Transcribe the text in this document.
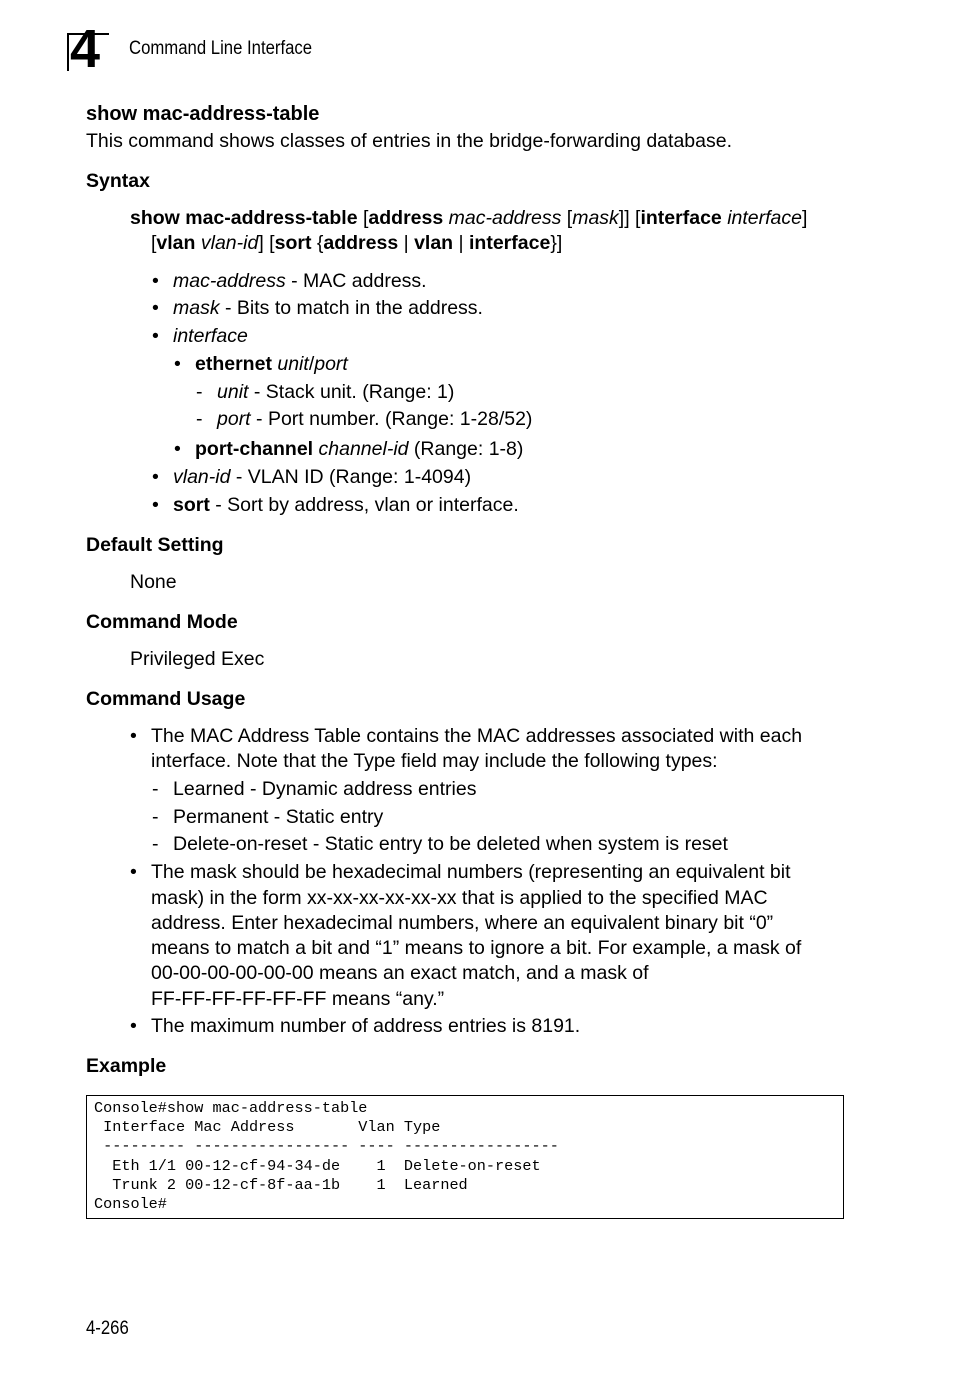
4 Command Line Interface
show mac-address-table
This command shows classes of entries in the bridge-forwarding database.
Syntax
show mac-address-table [address mac-address [mask]] [interface interface]
[vlan vlan-id] [sort {address | vlan | interface}]
• mac-address - MAC address.
• mask - Bits to match in the address.
• interface
• ethernet unit/port
- unit - Stack unit. (Range: 1)
- port - Port number. (Range: 1-28/52)
• port-channel channel-id (Range: 1-8)
• vlan-id - VLAN ID (Range: 1-4094)
• sort - Sort by address, vlan or interface.
Default Setting
None
Command Mode
Privileged Exec
Command Usage
• The MAC Address Table contains the MAC addresses associated with each
interface. Note that the Type field may include the following types:
- Learned - Dynamic address entries
- Permanent - Static entry
- Delete-on-reset - Static entry to be deleted when system is reset
• The mask should be hexadecimal numbers (representing an equivalent bit
mask) in the form xx-xx-xx-xx-xx-xx that is applied to the specified MAC
address. Enter hexadecimal numbers, where an equivalent binary bit “0”
means to match a bit and “1” means to ignore a bit. For example, a mask of
00-00-00-00-00-00 means an exact match, and a mask of
FF-FF-FF-FF-FF-FF means “any.”
• The maximum number of address entries is 8191.
Example
Console#show mac-address-table
Interface Mac Address       Vlan Type
--------- ----------------- ---- -----------------
Eth 1/1 00-12-cf-94-34-de    1  Delete-on-reset
Trunk 2 00-12-cf-8f-aa-1b    1  Learned
Console#
4-266
